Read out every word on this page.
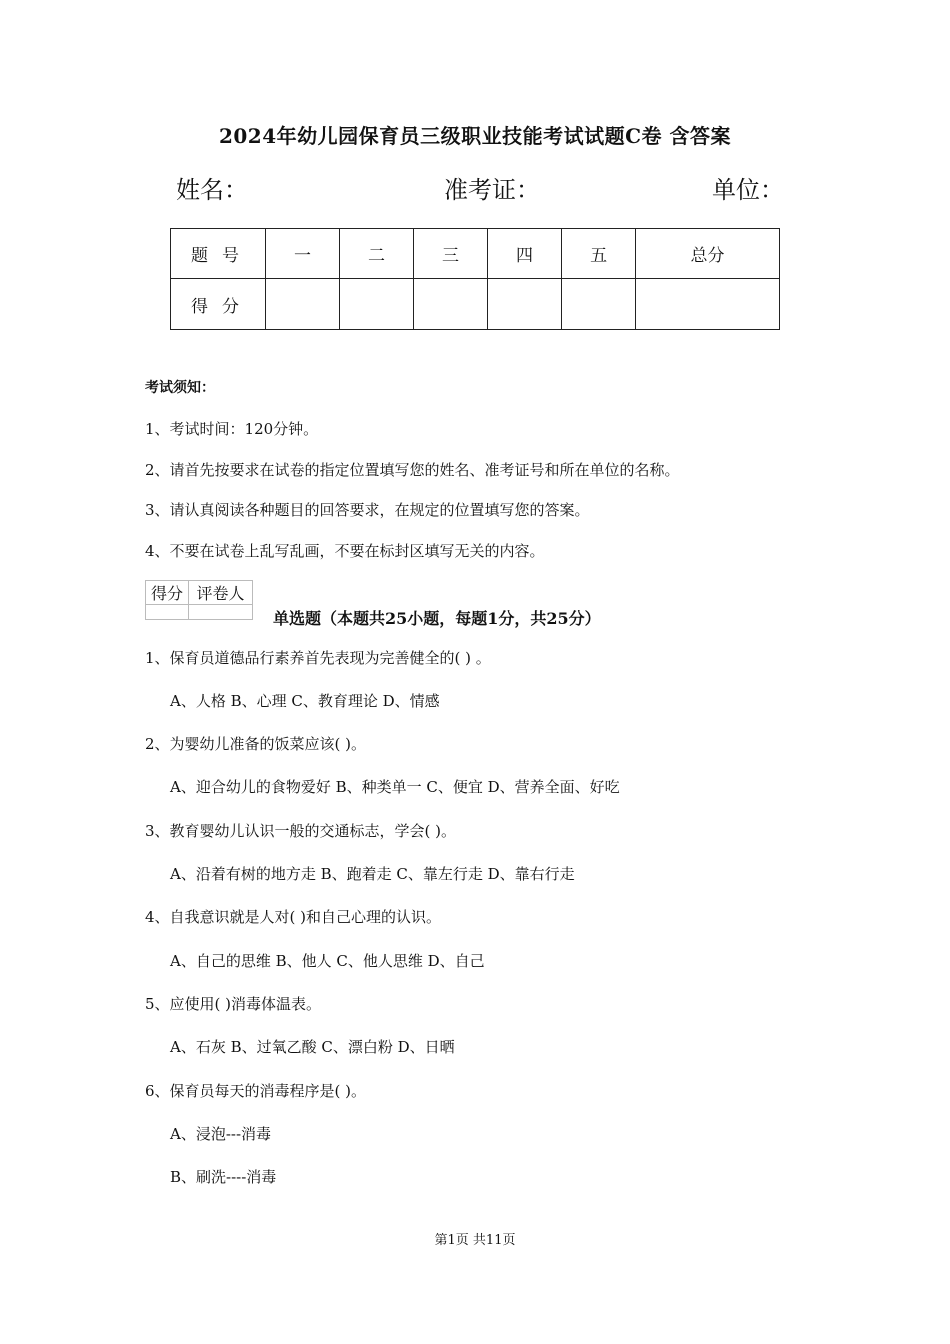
2024年幼儿园保育员三级职业技能考试试题C卷 含答案
姓名：	准考证：	单位：
题号	一	二	三	四	五	总分
得分						
考试须知：
1、考试时间：120分钟。
2、请首先按要求在试卷的指定位置填写您的姓名、准考证号和所在单位的名称。
3、请认真阅读各种题目的回答要求，在规定的位置填写您的答案。
4、不要在试卷上乱写乱画，不要在标封区填写无关的内容。
得分	评卷人

单选题（本题共25小题，每题1分，共25分）
1、保育员道德品行素养首先表现为完善健全的( ) 。
A、人格 B、心理 C、教育理论 D、情感
2、为婴幼儿准备的饭菜应该( )。
A、迎合幼儿的食物爱好 B、种类单一 C、便宜 D、营养全面、好吃
3、教育婴幼儿认识一般的交通标志，学会( )。
A、沿着有树的地方走 B、跑着走 C、靠左行走 D、靠右行走
4、自我意识就是人对( )和自己心理的认识。
A、自己的思维 B、他人 C、他人思维 D、自己
5、应使用( )消毒体温表。
A、石灰 B、过氧乙酸 C、漂白粉 D、日晒
6、保育员每天的消毒程序是( )。
A、浸泡---消毒
B、刷洗----消毒
第1页 共11页
